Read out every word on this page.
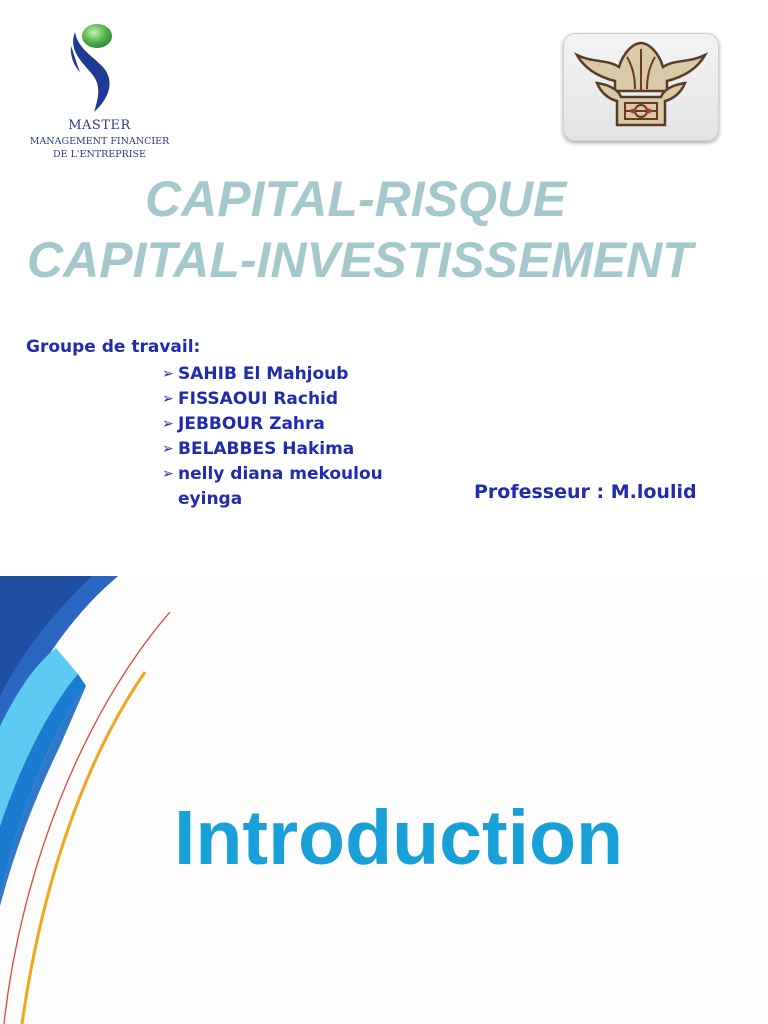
MASTER
MANAGEMENT FINANCIER
DE L'ENTREPRISE
CAPITAL-RISQUE
CAPITAL-INVESTISSEMENT
Groupe de travail:
➢ SAHIB El Mahjoub
➢ FISSAOUI Rachid
➢ JEBBOUR Zahra
➢ BELABBES Hakima
➢ nelly diana mekoulou eyinga	Professeur : M.loulid
Introduction
